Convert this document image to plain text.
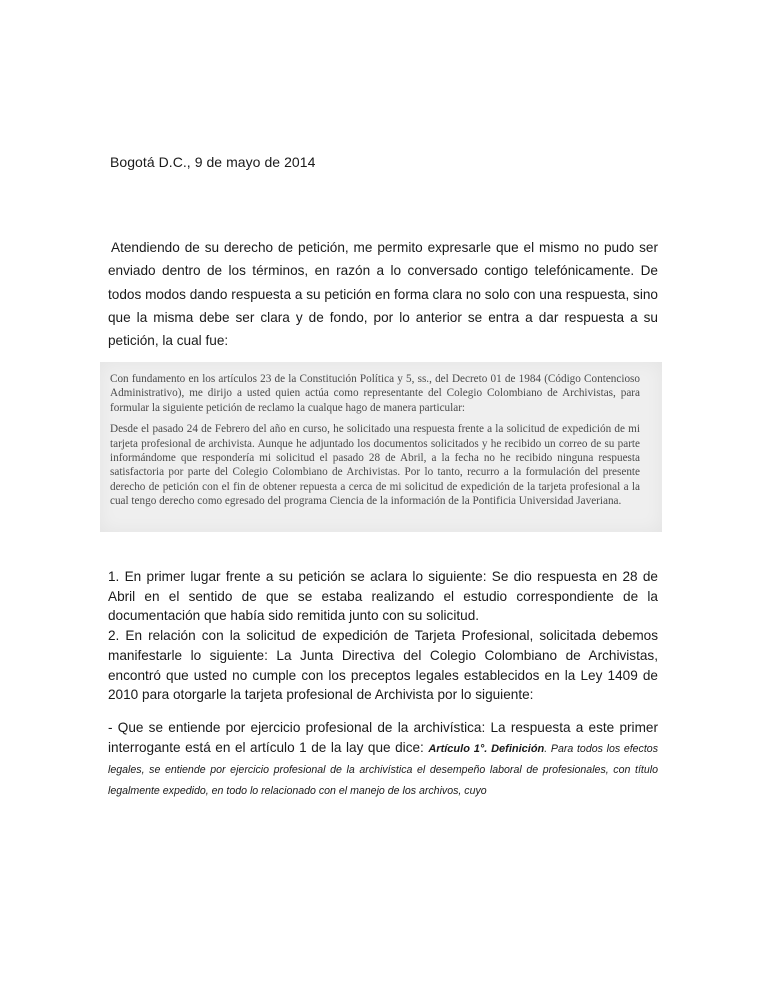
Bogotá D.C., 9 de mayo de 2014
Atendiendo de su derecho de petición, me permito expresarle que el mismo no pudo ser enviado dentro de los términos, en razón a lo conversado contigo telefónicamente. De todos modos dando respuesta a su petición en forma clara no solo con una respuesta, sino que la misma debe ser clara y de fondo, por lo anterior se entra a dar respuesta a su petición, la cual fue:

Con fundamento en los artículos 23 de la Constitución Política y 5, ss., del Decreto 01 de 1984 (Código Contencioso Administrativo), me dirijo a usted quien actúa como representante del Colegio Colombiano de Archivistas, para formular la siguiente petición de reclamo la cualque hago de manera particular:

Desde el pasado 24 de Febrero del año en curso, he solicitado una respuesta frente a la solicitud de expedición de mi tarjeta profesional de archivista. Aunque he adjuntado los documentos solicitados y he recibido un correo de su parte informándome que respondería mi solicitud el pasado 28 de Abril, a la fecha no he recibido ninguna respuesta satisfactoria por parte del Colegio Colombiano de Archivistas. Por lo tanto, recurro a la formulación del presente derecho de petición con el fin de obtener repuesta a cerca de mi solicitud de expedición de la tarjeta profesional a la cual tengo derecho como egresado del programa Ciencia de la información de la Pontificia Universidad Javeriana.

1. En primer lugar frente a su petición se aclara lo siguiente: Se dio respuesta en 28 de Abril en el sentido de que se estaba realizando el estudio correspondiente de la documentación que había sido remitida junto con su solicitud.

2. En relación con la solicitud de expedición de Tarjeta Profesional, solicitada debemos manifestarle lo siguiente: La Junta Directiva del Colegio Colombiano de Archivistas, encontró que usted no cumple con los preceptos legales establecidos en la Ley 1409 de 2010 para otorgarle la tarjeta profesional de Archivista por lo siguiente:

- Que se entiende por ejercicio profesional de la archivística: La respuesta a este primer interrogante está en el artículo 1 de la lay que dice: Artículo 1°. Definición. Para todos los efectos legales, se entiende por ejercicio profesional de la archivística el desempeño laboral de profesionales, con título legalmente expedido, en todo lo relacionado con el manejo de los archivos, cuyo
